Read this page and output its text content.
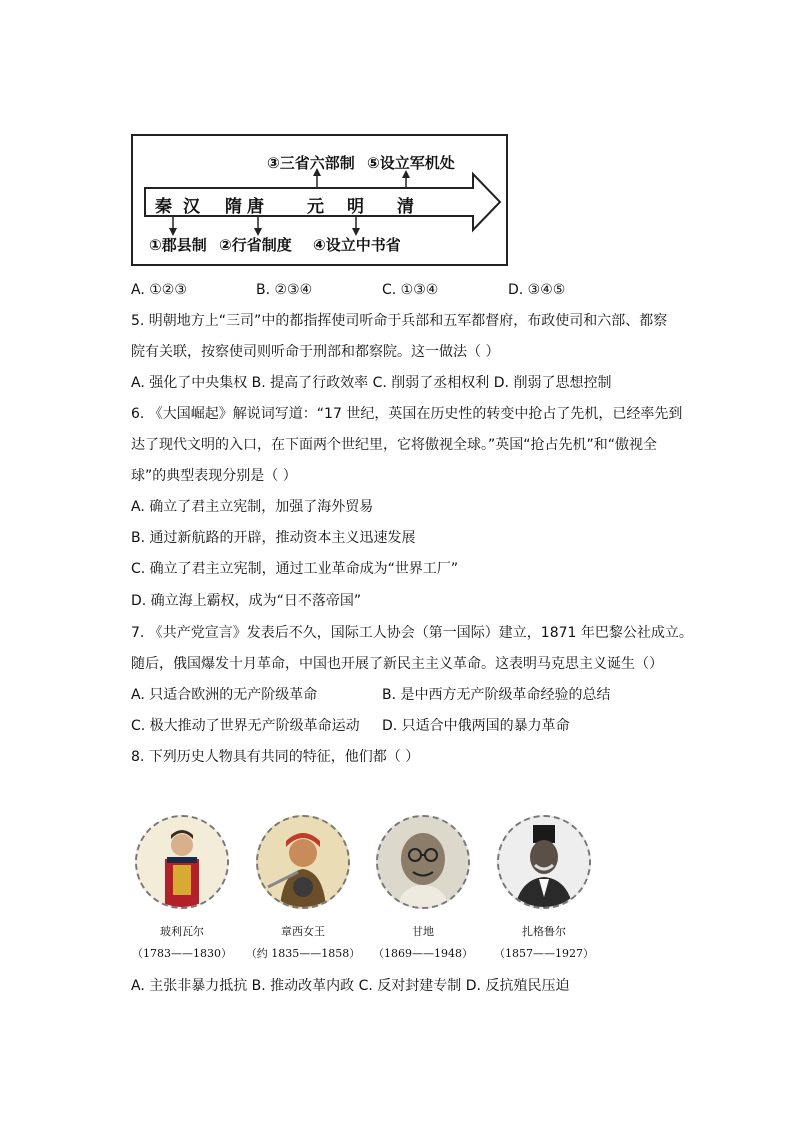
③三省六部制 ⑤设立军机处
秦 汉 隋 唐	元 明 清
①郡县制 ②行省制度 ④设立中书省
A. ①②③	B. ②③④	C. ①③④	D. ③④⑤
5. 明朝地方上“三司”中的都指挥使司听命于兵部和五军都督府，布政使司和六部、都察
院有关联，按察使司则听命于刑部和都察院。这一做法（ ）
A. 强化了中央集权 B. 提高了行政效率 C. 削弱了丞相权利 D. 削弱了思想控制
6. 《大国崛起》解说词写道：“17 世纪，英国在历史性的转变中抢占了先机，已经率先到
达了现代文明的入口，在下面两个世纪里，它将傲视全球。”英国“抢占先机”和“傲视全
球”的典型表现分别是（ ）
A. 确立了君主立宪制，加强了海外贸易
B. 通过新航路的开辟，推动资本主义迅速发展
C. 确立了君主立宪制，通过工业革命成为“世界工厂”
D. 确立海上霸权，成为“日不落帝国”
7. 《共产党宣言》发表后不久，国际工人协会（第一国际）建立，1871 年巴黎公社成立。
随后，俄国爆发十月革命，中国也开展了新民主主义革命。这表明马克思主义诞生（）
A. 只适合欧洲的无产阶级革命	B. 是中西方无产阶级革命经验的总结
C. 极大推动了世界无产阶级革命运动 D. 只适合中俄两国的暴力革命
8. 下列历史人物具有共同的特征，他们都（ ）
玻利瓦尔
（1783——1830）
章西女王
（约 1835——1858）
甘地
（1869——1948）
扎格鲁尔
（1857——1927）
A. 主张非暴力抵抗 B. 推动改革内政 C. 反对封建专制 D. 反抗殖民压迫
